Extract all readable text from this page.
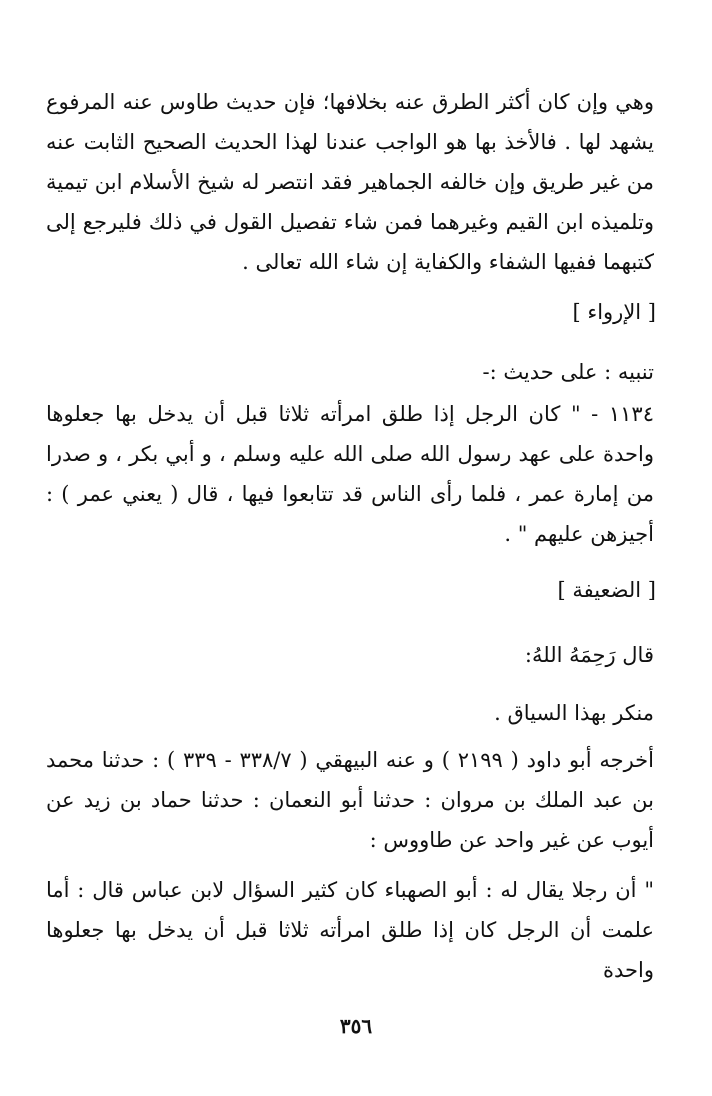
وهي وإن كان أكثر الطرق عنه بخلافها؛ فإن حديث طاوس عنه المرفوع يشهد لها . فالأخذ بها هو الواجب عندنا لهذا الحديث الصحيح الثابت عنه من غير طريق وإن خالفه الجماهير فقد انتصر له شيخ الأسلام ابن تيمية وتلميذه ابن القيم وغيرهما فمن شاء تفصيل القول في ذلك فليرجع إلى كتبهما ففيها الشفاء والكفاية إن شاء الله تعالى .

[ الإرواء ]

تنبيه : على حديث :-

١١٣٤ - " كان الرجل إذا طلق امرأته ثلاثا قبل أن يدخل بها جعلوها واحدة على عهد رسول الله صلى الله عليه وسلم ، و أبي بكر ، و صدرا من إمارة عمر ، فلما رأى الناس قد تتابعوا فيها ، قال ( يعني عمر ) : أجيزهن عليهم " .

[ الضعيفة ]

قال رَحِمَهُ اللهُ:

منكر بهذا السياق .

أخرجه أبو داود ( ٢١٩٩ ) و عنه البيهقي ( ٣٣٨/٧ - ٣٣٩ ) : حدثنا محمد بن عبد الملك بن مروان : حدثنا أبو النعمان : حدثنا حماد بن زيد عن أيوب عن غير واحد عن طاووس :

" أن رجلا يقال له : أبو الصهباء كان كثير السؤال لابن عباس قال : أما علمت أن الرجل كان إذا طلق امرأته ثلاثا قبل أن يدخل بها جعلوها واحدة

٣٥٦
